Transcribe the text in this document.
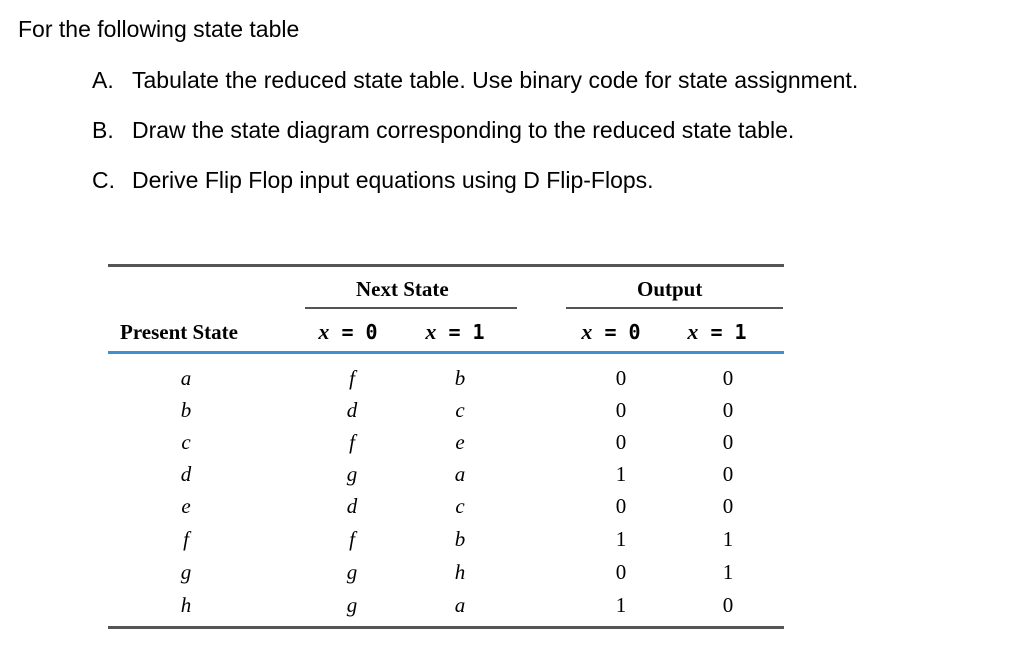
For the following state table
A. Tabulate the reduced state table. Use binary code for state assignment.
B. Draw the state diagram corresponding to the reduced state table.
C. Derive Flip Flop input equations using D Flip-Flops.
Next State	Output
Present State	x = 0 x = 1	x = 0 x = 1
a	f	b	0	0
b	d	c	0	0
c	f	e	0	0
d	g	a	1	0
e	d	c	0	0
f	f	b	1	1
g	g	h	0	1
h	g	a	1	0
